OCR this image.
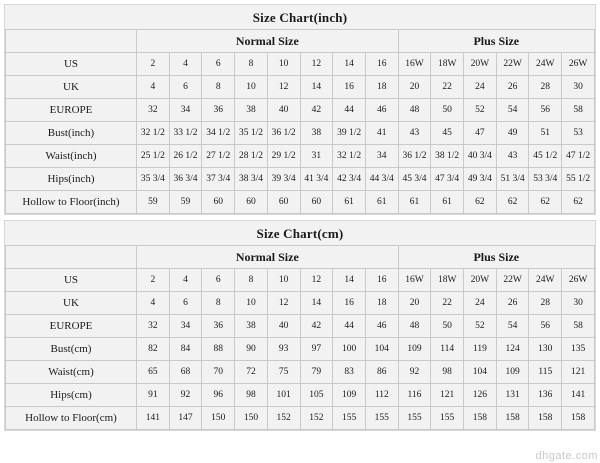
Size Chart(inch)
	Normal Size								Plus Size					
US	2	4	6	8	10	12	14	16	16W	18W	20W	22W	24W	26W
UK	4	6	8	10	12	14	16	18	20	22	24	26	28	30
EUROPE	32	34	36	38	40	42	44	46	48	50	52	54	56	58
Bust(inch)	32 1/2	33 1/2	34 1/2	35 1/2	36 1/2	38	39 1/2	41	43	45	47	49	51	53
Waist(inch)	25 1/2	26 1/2	27 1/2	28 1/2	29 1/2	31	32 1/2	34	36 1/2	38 1/2	40 3/4	43	45 1/2	47 1/2
Hips(inch)	35 3/4	36 3/4	37 3/4	38 3/4	39 3/4	41 3/4	42 3/4	44 3/4	45 3/4	47 3/4	49 3/4	51 3/4	53 3/4	55 1/2
Hollow to Floor(inch)	59	59	60	60	60	60	61	61	61	61	62	62	62	62
Size Chart(cm)
	Normal Size								Plus Size					
US	2	4	6	8	10	12	14	16	16W	18W	20W	22W	24W	26W
UK	4	6	8	10	12	14	16	18	20	22	24	26	28	30
EUROPE	32	34	36	38	40	42	44	46	48	50	52	54	56	58
Bust(cm)	82	84	88	90	93	97	100	104	109	114	119	124	130	135
Waist(cm)	65	68	70	72	75	79	83	86	92	98	104	109	115	121
Hips(cm)	91	92	96	98	101	105	109	112	116	121	126	131	136	141
Hollow to Floor(cm)	141	147	150	150	152	152	155	155	155	155	158	158	158	158
dhgate.com
